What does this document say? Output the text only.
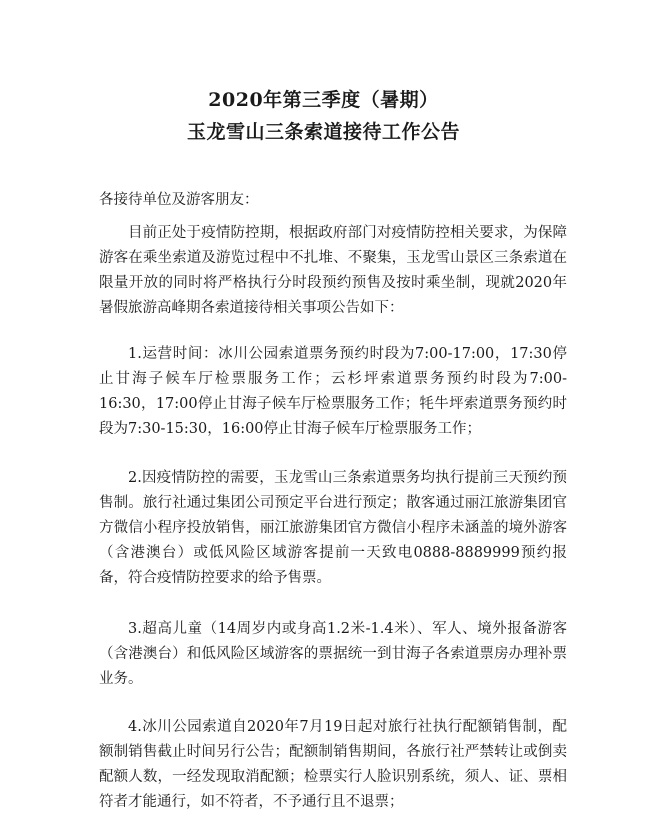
2020年第三季度（暑期）
玉龙雪山三条索道接待工作公告
各接待单位及游客朋友：

目前正处于疫情防控期，根据政府部门对疫情防控相关要求，为保障游客在乘坐索道及游览过程中不扎堆、不聚集，玉龙雪山景区三条索道在限量开放的同时将严格执行分时段预约预售及按时乘坐制，现就2020年暑假旅游高峰期各索道接待相关事项公告如下：

1.运营时间：冰川公园索道票务预约时段为7:00-17:00，17:30停止甘海子候车厅检票服务工作；云杉坪索道票务预约时段为7:00-16:30，17:00停止甘海子候车厅检票服务工作；牦牛坪索道票务预约时段为7:30-15:30，16:00停止甘海子候车厅检票服务工作；

2.因疫情防控的需要，玉龙雪山三条索道票务均执行提前三天预约预售制。旅行社通过集团公司预定平台进行预定；散客通过丽江旅游集团官方微信小程序投放销售，丽江旅游集团官方微信小程序未涵盖的境外游客（含港澳台）或低风险区域游客提前一天致电0888-8889999预约报备，符合疫情防控要求的给予售票。

3.超高儿童（14周岁内或身高1.2米-1.4米）、军人、境外报备游客（含港澳台）和低风险区域游客的票据统一到甘海子各索道票房办理补票业务。

4.冰川公园索道自2020年7月19日起对旅行社执行配额销售制，配额制销售截止时间另行公告；配额制销售期间，各旅行社严禁转让或倒卖配额人数，一经发现取消配额；检票实行人脸识别系统，须人、证、票相符者才能通行，如不符者，不予通行且不退票；
